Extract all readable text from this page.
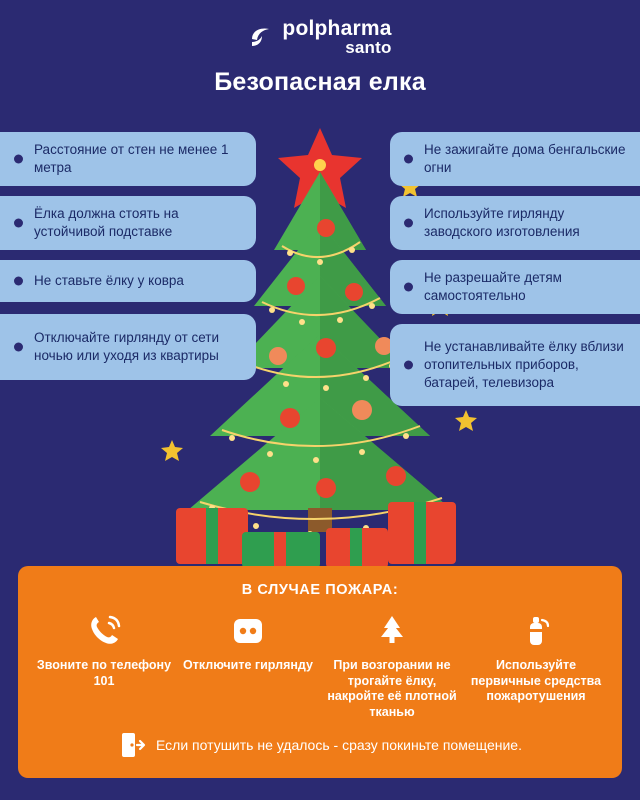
polpharma
santo
Безопасная елка
Расстояние от стен не менее 1 метра
Ёлка должна стоять на устойчивой подставке
Не ставьте ёлку у ковра
Отключайте гирлянду от сети ночью или уходя из квартиры
Не зажигайте дома бенгальские огни
Используйте гирлянду заводского изготовления
Не разрешайте детям самостоятельно
Не устанавливайте ёлку вблизи отопительных приборов, батарей, телевизора
В СЛУЧАЕ ПОЖАРА:
Звоните по телефону 101
Отключите гирлянду	При возгорании не трогайте ёлку, накройте её плотной тканью
Используйте первичные средства пожаротушения
Если потушить не удалось - сразу покиньте помещение.
